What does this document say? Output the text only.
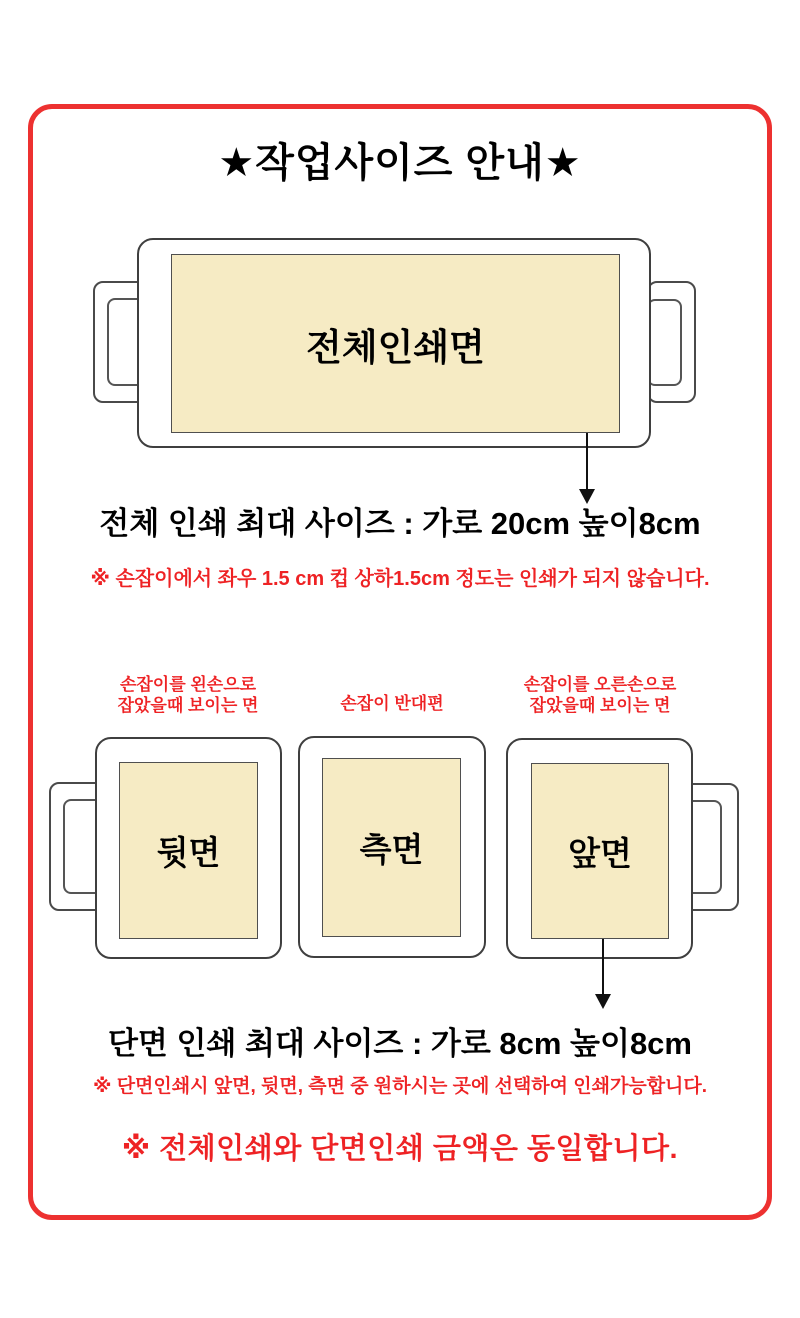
★작업사이즈 안내★
전체인쇄면
전체 인쇄 최대 사이즈 : 가로 20cm 높이8cm
※ 손잡이에서 좌우 1.5 cm 컵 상하1.5cm 정도는 인쇄가 되지 않습니다.
손잡이를 왼손으로
잡았을때 보이는 면	손잡이 반대편
손잡이를 오른손으로
잡았을때 보이는 면
뒷면	측면	앞면
단면 인쇄 최대 사이즈 : 가로 8cm 높이8cm
※ 단면인쇄시 앞면, 뒷면, 측면 중 원하시는 곳에 선택하여 인쇄가능합니다.
※ 전체인쇄와 단면인쇄 금액은 동일합니다.
